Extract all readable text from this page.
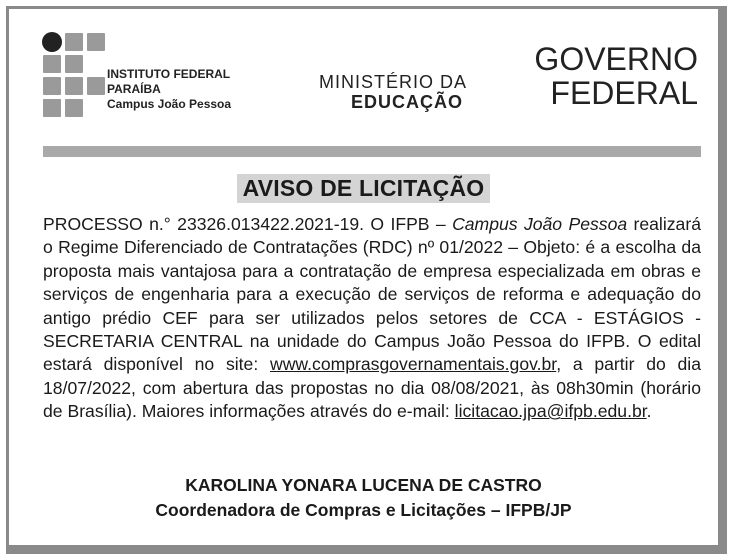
INSTITUTO FEDERAL
PARAÍBA
Campus João Pessoa
MINISTÉRIO DA
EDUCAÇÃO
GOVERNO
FEDERAL
AVISO DE LICITAÇÃO
PROCESSO n.° 23326.013422.2021-19. O IFPB – Campus João Pessoa realizará o Regime Diferenciado de Contratações (RDC) nº 01/2022 – Objeto: é a escolha da proposta mais vantajosa para a contratação de empresa especializada em obras e serviços de engenharia para a execução de serviços de reforma e adequação do antigo prédio CEF para ser utilizados pelos setores de CCA - ESTÁGIOS - SECRETARIA CENTRAL na unidade do Campus João Pessoa do IFPB. O edital estará disponível no site: www.comprasgovernamentais.gov.br, a partir do dia 18/07/2022, com abertura das propostas no dia 08/08/2021, às 08h30min (horário de Brasília). Maiores informações através do e-mail: licitacao.jpa@ifpb.edu.br.
KAROLINA YONARA LUCENA DE CASTRO
Coordenadora de Compras e Licitações – IFPB/JP
